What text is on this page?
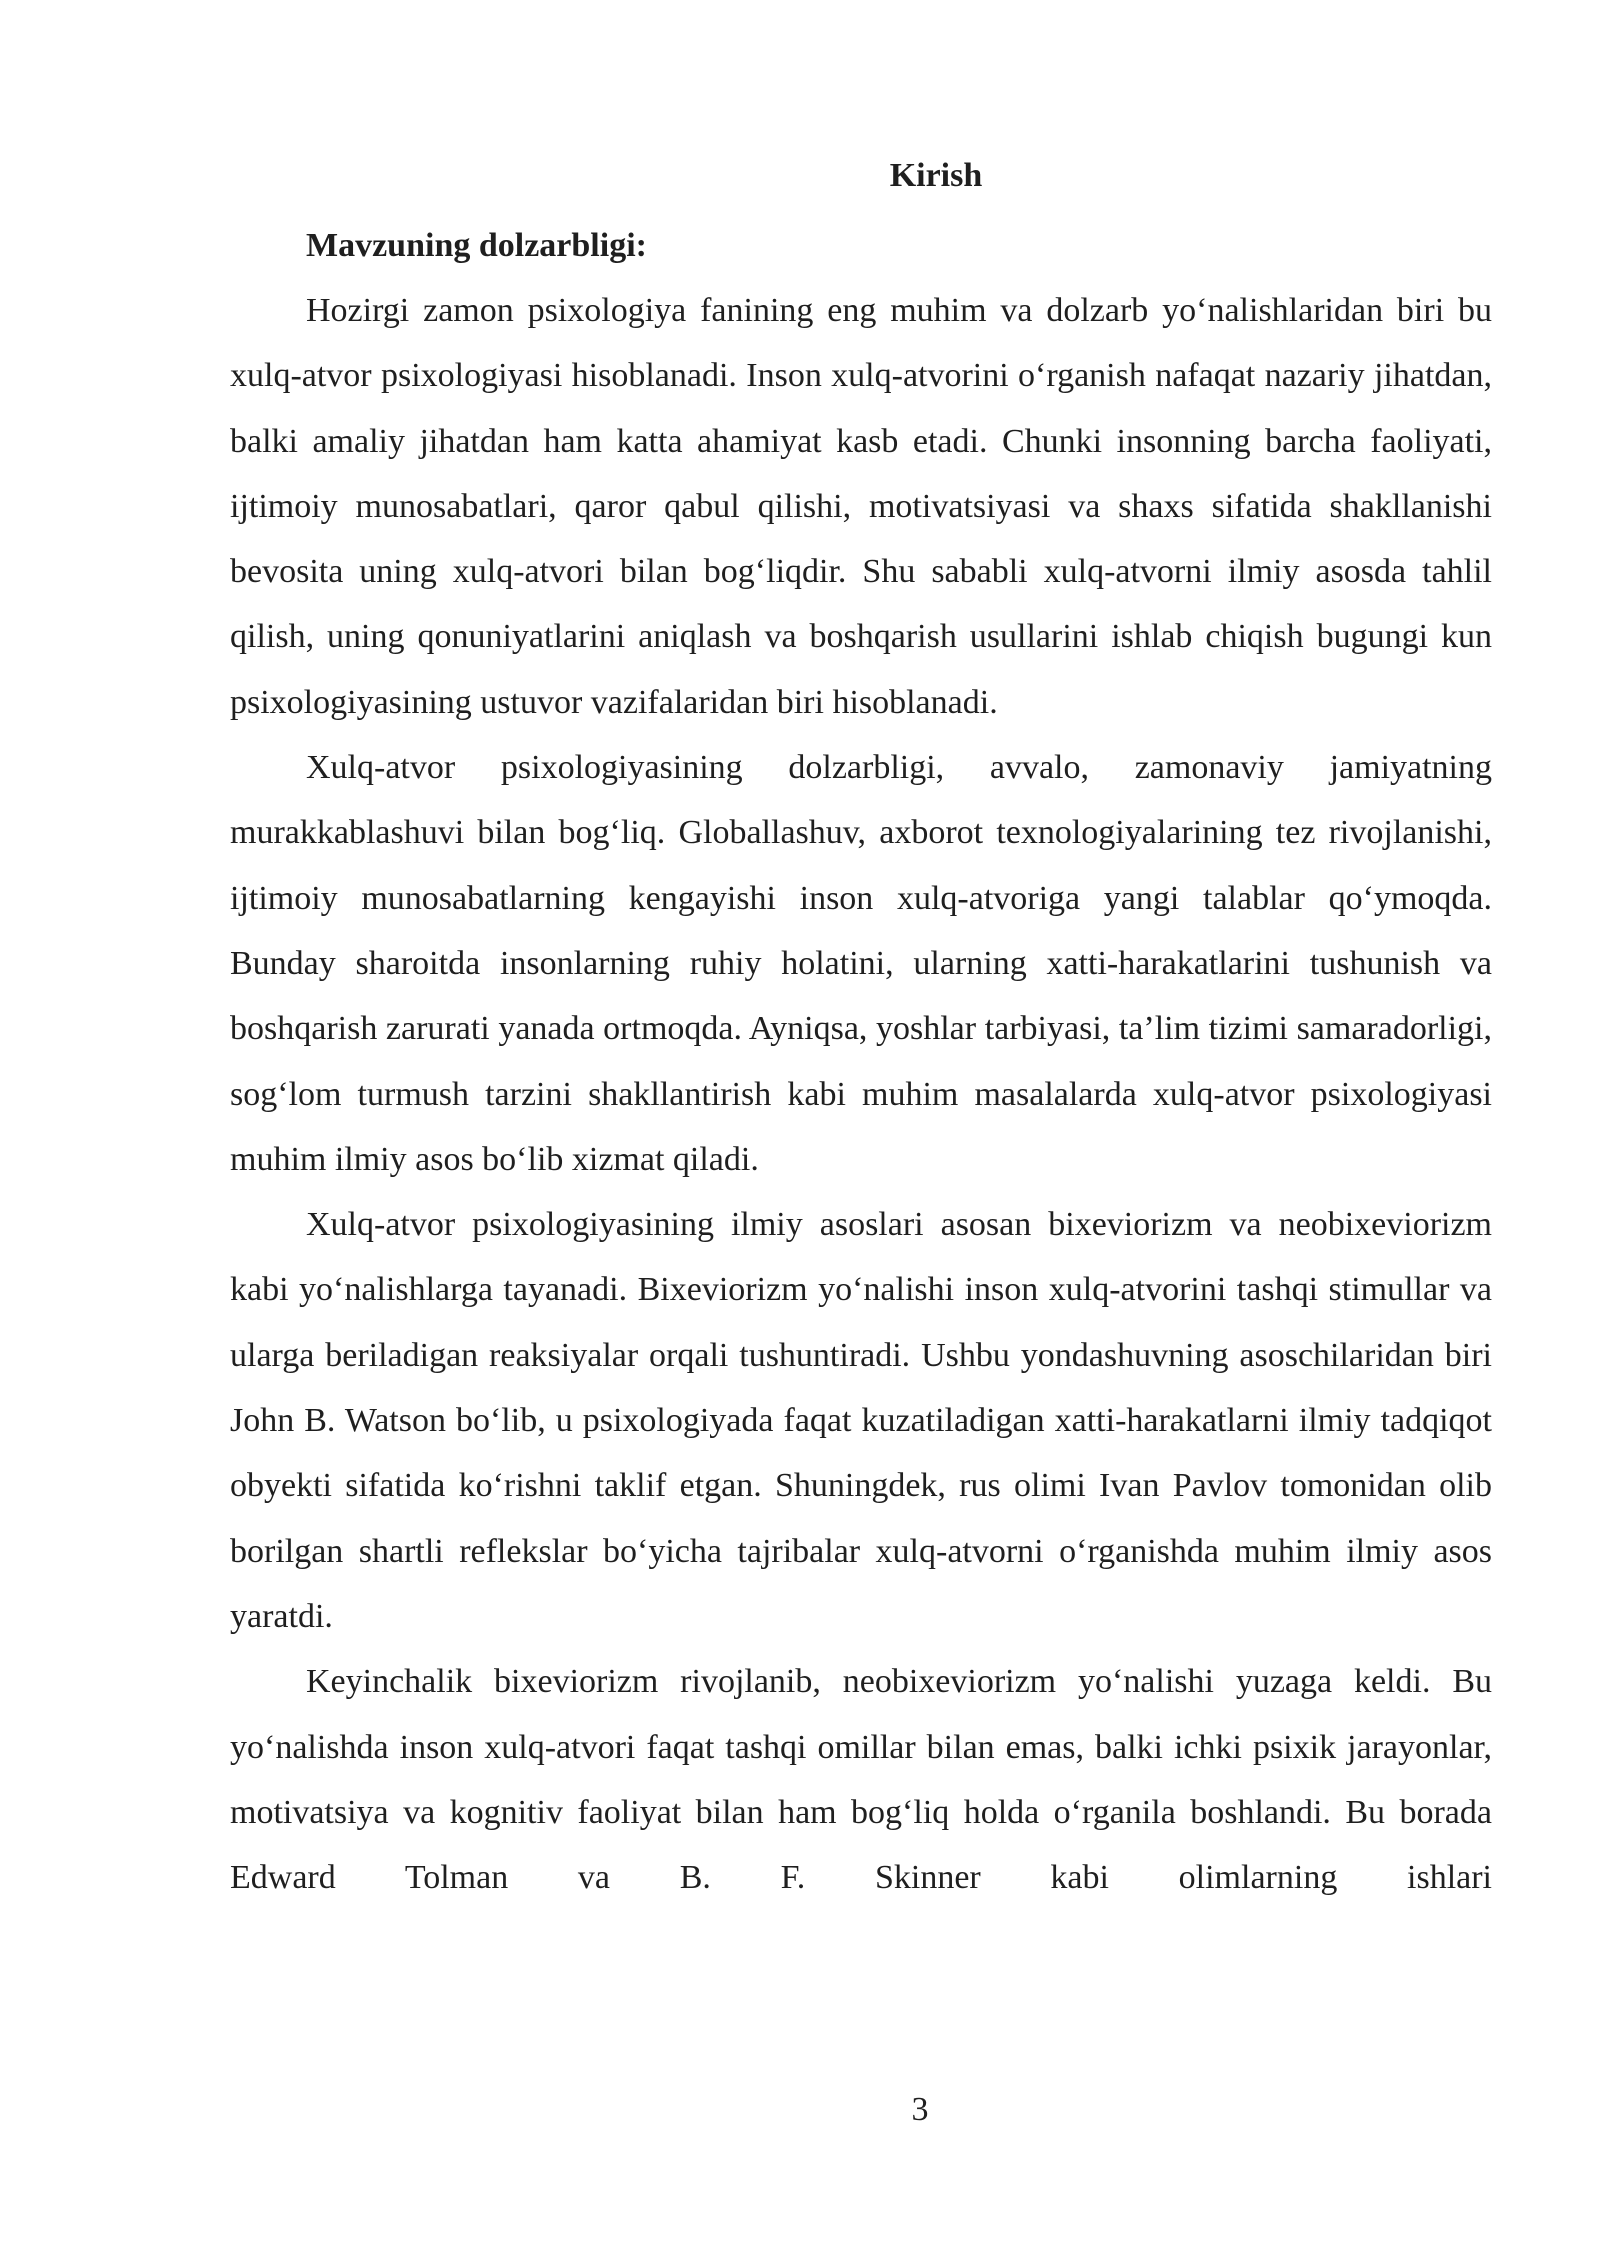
Kirish

Mavzuning dolzarbligi:

Hozirgi zamon psixologiya fanining eng muhim va dolzarb yo‘nalishlaridan biri bu xulq-atvor psixologiyasi hisoblanadi. Inson xulq-atvorini o‘rganish nafaqat nazariy jihatdan, balki amaliy jihatdan ham katta ahamiyat kasb etadi. Chunki insonning barcha faoliyati, ijtimoiy munosabatlari, qaror qabul qilishi, motivatsiyasi va shaxs sifatida shakllanishi bevosita uning xulq-atvori bilan bog‘liqdir. Shu sababli xulq-atvorni ilmiy asosda tahlil qilish, uning qonuniyatlarini aniqlash va boshqarish usullarini ishlab chiqish bugungi kun psixologiyasining ustuvor vazifalaridan biri hisoblanadi.

Xulq-atvor psixologiyasining dolzarbligi, avvalo, zamonaviy jamiyatning murakkablashuvi bilan bog‘liq. Globallashuv, axborot texnologiyalarining tez rivojlanishi, ijtimoiy munosabatlarning kengayishi inson xulq-atvoriga yangi talablar qo‘ymoqda. Bunday sharoitda insonlarning ruhiy holatini, ularning xatti-harakatlarini tushunish va boshqarish zarurati yanada ortmoqda. Ayniqsa, yoshlar tarbiyasi, ta’lim tizimi samaradorligi, sog‘lom turmush tarzini shakllantirish kabi muhim masalalarda xulq-atvor psixologiyasi muhim ilmiy asos bo‘lib xizmat qiladi.

Xulq-atvor psixologiyasining ilmiy asoslari asosan bixeviorizm va neobixeviorizm kabi yo‘nalishlarga tayanadi. Bixeviorizm yo‘nalishi inson xulq-atvorini tashqi stimullar va ularga beriladigan reaksiyalar orqali tushuntiradi. Ushbu yondashuvning asoschilaridan biri John B. Watson bo‘lib, u psixologiyada faqat kuzatiladigan xatti-harakatlarni ilmiy tadqiqot obyekti sifatida ko‘rishni taklif etgan. Shuningdek, rus olimi Ivan Pavlov tomonidan olib borilgan shartli reflekslar bo‘yicha tajribalar xulq-atvorni o‘rganishda muhim ilmiy asos yaratdi.

Keyinchalik bixeviorizm rivojlanib, neobixeviorizm yo‘nalishi yuzaga keldi. Bu yo‘nalishda inson xulq-atvori faqat tashqi omillar bilan emas, balki ichki psixik jarayonlar, motivatsiya va kognitiv faoliyat bilan ham bog‘liq holda o‘rganila boshlandi. Bu borada Edward Tolman va B. F. Skinner kabi olimlarning ishlari

3
